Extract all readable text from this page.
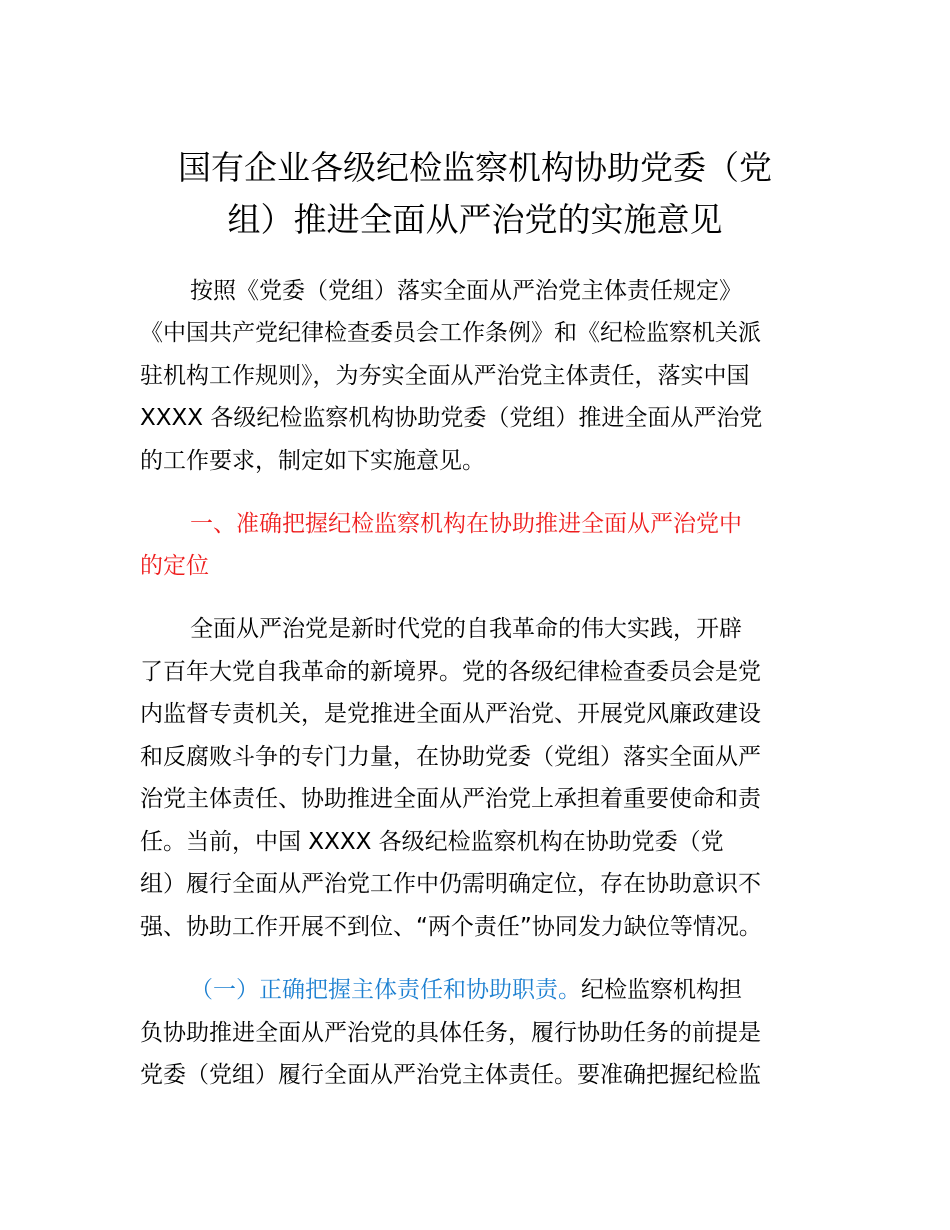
国有企业各级纪检监察机构协助党委（党
组）推进全面从严治党的实施意见

按照《党委（党组）落实全面从严治党主体责任规定》

《中国共产党纪律检查委员会工作条例》和《纪检监察机关派

驻机构工作规则》，为夯实全面从严治党主体责任，落实中国

XXXX 各级纪检监察机构协助党委（党组）推进全面从严治党

的工作要求，制定如下实施意见。

一、准确把握纪检监察机构在协助推进全面从严治党中

的定位

全面从严治党是新时代党的自我革命的伟大实践，开辟

了百年大党自我革命的新境界。党的各级纪律检查委员会是党

内监督专责机关，是党推进全面从严治党、开展党风廉政建设

和反腐败斗争的专门力量，在协助党委（党组）落实全面从严

治党主体责任、协助推进全面从严治党上承担着重要使命和责

任。当前，中国 XXXX 各级纪检监察机构在协助党委（党

组）履行全面从严治党工作中仍需明确定位，存在协助意识不

强、协助工作开展不到位、“两个责任”协同发力缺位等情况。

（一）正确把握主体责任和协助职责。纪检监察机构担

负协助推进全面从严治党的具体任务，履行协助任务的前提是

党委（党组）履行全面从严治党主体责任。要准确把握纪检监
